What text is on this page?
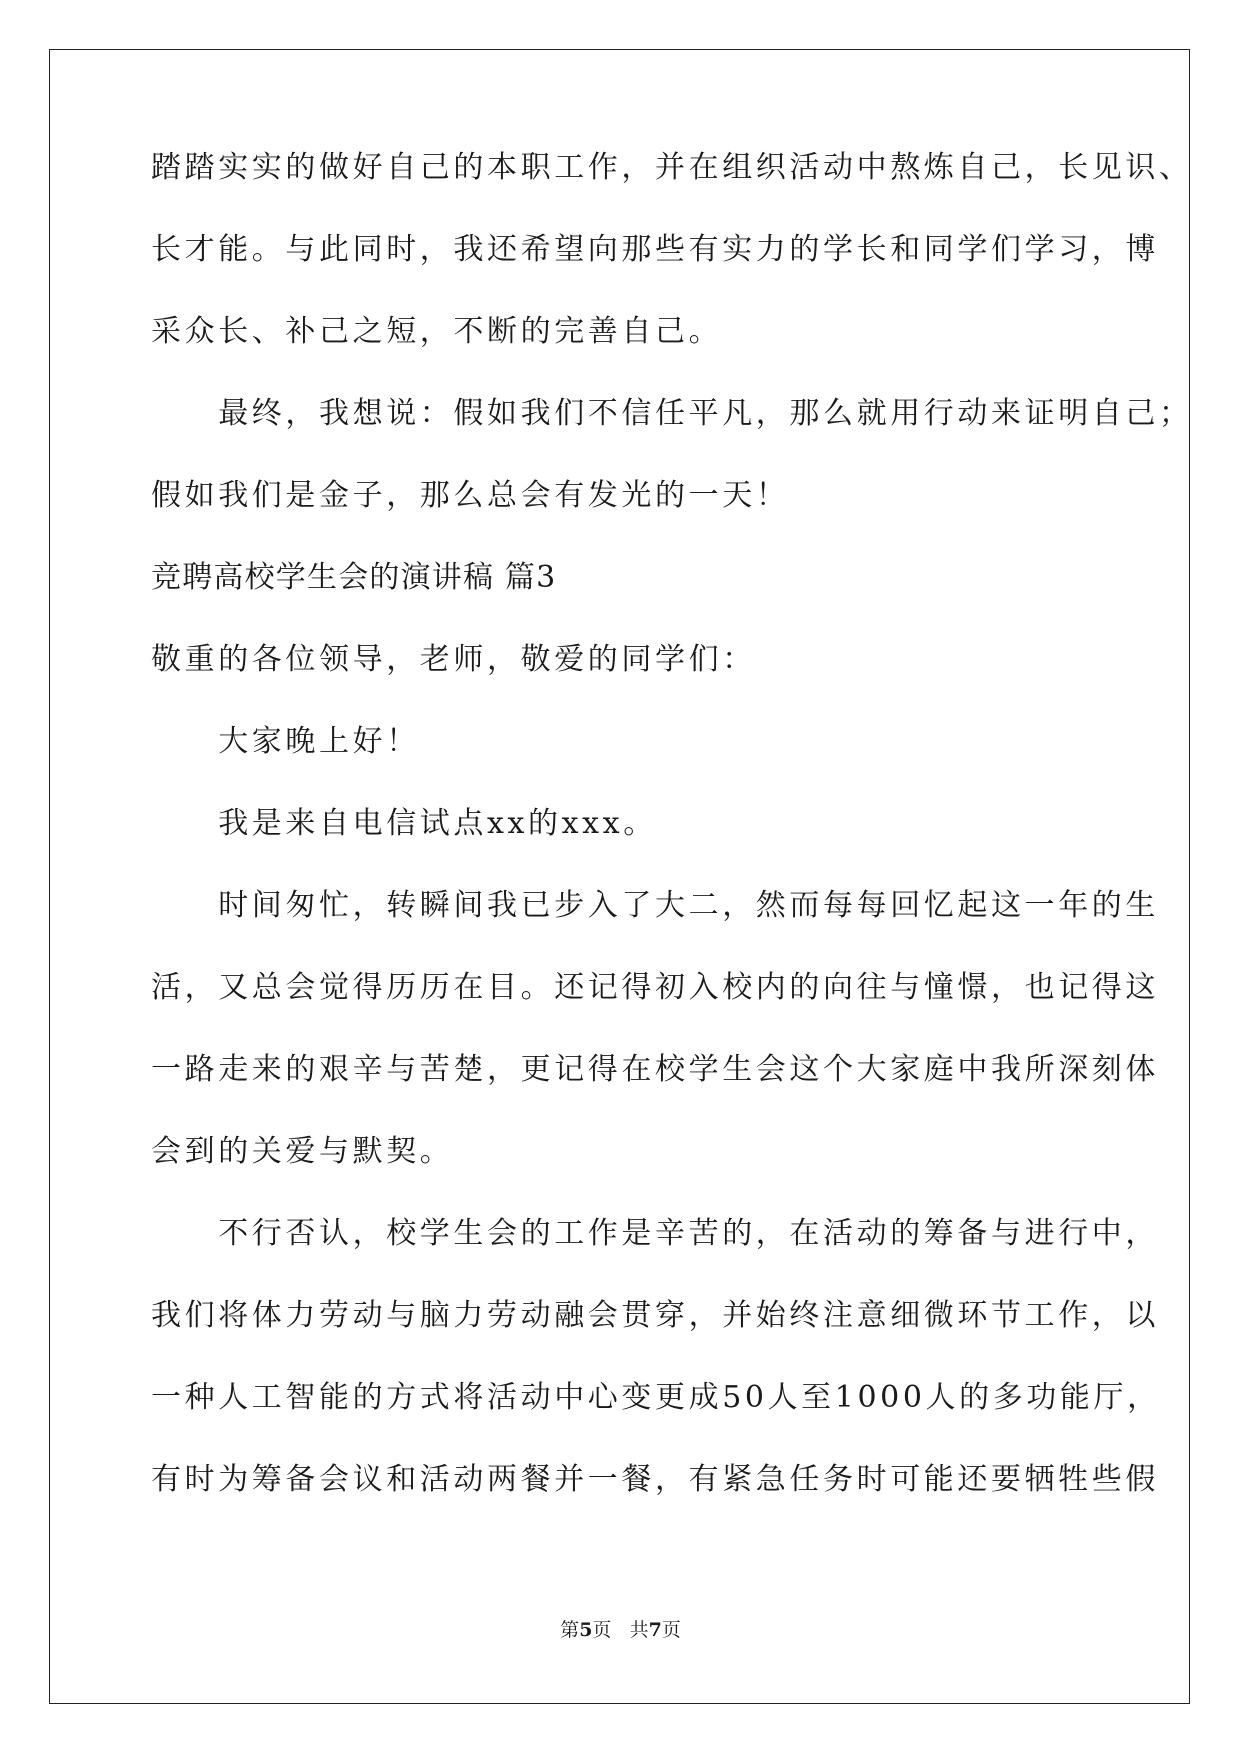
踏踏实实的做好自己的本职工作，并在组织活动中熬炼自己，长见识、
长才能。与此同时，我还希望向那些有实力的学长和同学们学习，博
采众长、补己之短，不断的完善自己。
　　最终，我想说：假如我们不信任平凡，那么就用行动来证明自己；
假如我们是金子，那么总会有发光的一天！
竞聘高校学生会的演讲稿 篇3
敬重的各位领导，老师，敬爱的同学们：
　　大家晚上好！
　　我是来自电信试点xx的xxx。
　　时间匆忙，转瞬间我已步入了大二，然而每每回忆起这一年的生
活，又总会觉得历历在目。还记得初入校内的向往与憧憬，也记得这
一路走来的艰辛与苦楚，更记得在校学生会这个大家庭中我所深刻体
会到的关爱与默契。
　　不行否认，校学生会的工作是辛苦的，在活动的筹备与进行中，
我们将体力劳动与脑力劳动融会贯穿，并始终注意细微环节工作，以
一种人工智能的方式将活动中心变更成50人至1000人的多功能厅，
有时为筹备会议和活动两餐并一餐，有紧急任务时可能还要牺牲些假
第5页 共7页
